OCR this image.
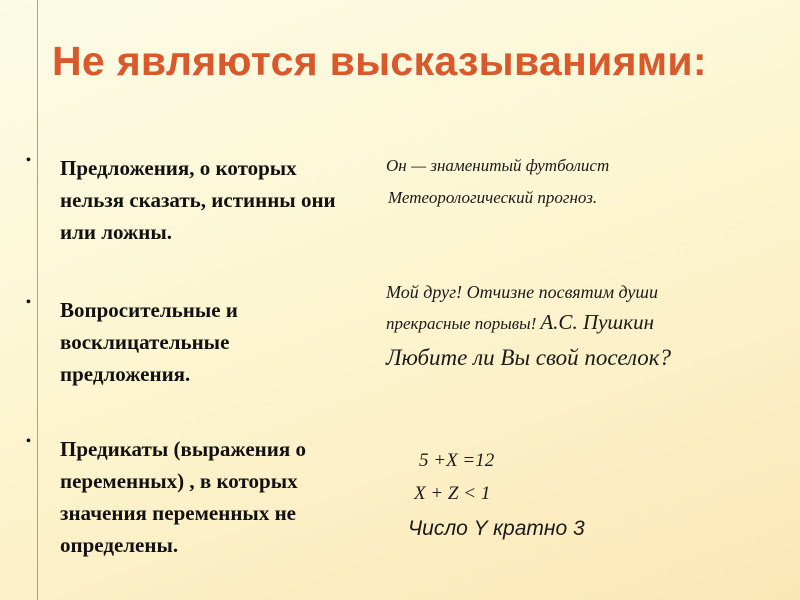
Не являются высказываниями:
• Предложения, о которых нельзя сказать, истинны они или ложны.
• Вопросительные и восклицательные предложения.
• Предикаты (выражения о переменных) , в которых значения переменных не определены.
Он — знаменитый футболист
Метеорологический прогноз.
Мой друг! Отчизне посвятим души
прекрасные порывы! А.С. Пушкин
Любите ли Вы свой поселок?
5 +X =12
X + Z < 1
Число Y кратно 3
